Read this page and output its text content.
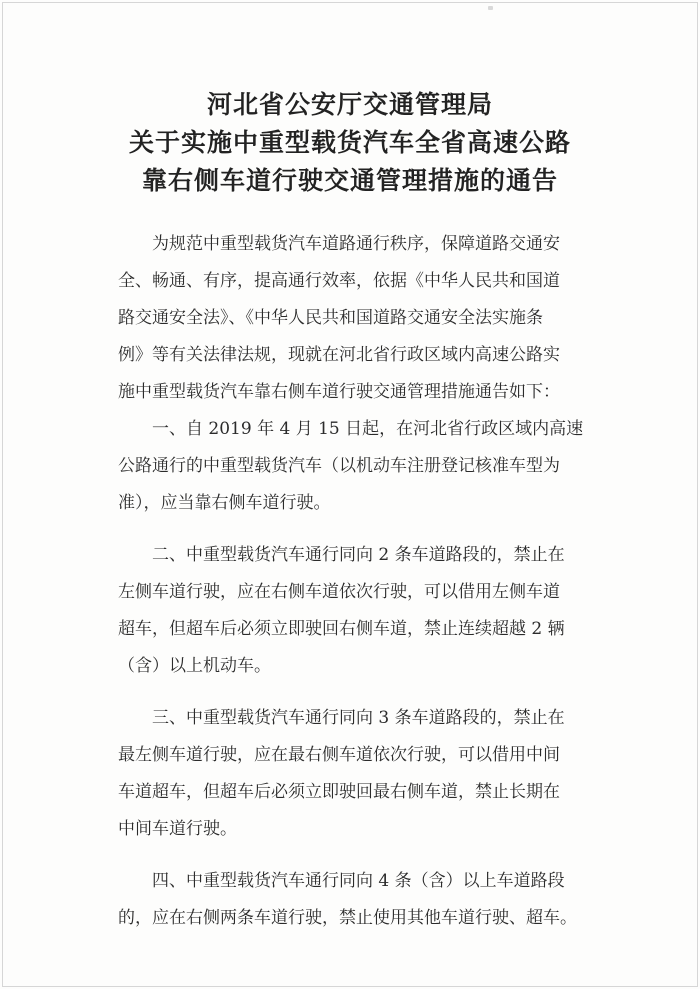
河北省公安厅交通管理局
关于实施中重型载货汽车全省高速公路
靠右侧车道行驶交通管理措施的通告
为规范中重型载货汽车道路通行秩序，保障道路交通安
全、畅通、有序，提高通行效率，依据《中华人民共和国道
路交通安全法》、《中华人民共和国道路交通安全法实施条
例》等有关法律法规，现就在河北省行政区域内高速公路实
施中重型载货汽车靠右侧车道行驶交通管理措施通告如下：
一、自 2019 年 4 月 15 日起，在河北省行政区域内高速
公路通行的中重型载货汽车（以机动车注册登记核准车型为
准），应当靠右侧车道行驶。
二、中重型载货汽车通行同向 2 条车道路段的，禁止在
左侧车道行驶，应在右侧车道依次行驶，可以借用左侧车道
超车，但超车后必须立即驶回右侧车道，禁止连续超越 2 辆
（含）以上机动车。
三、中重型载货汽车通行同向 3 条车道路段的，禁止在
最左侧车道行驶，应在最右侧车道依次行驶，可以借用中间
车道超车，但超车后必须立即驶回最右侧车道，禁止长期在
中间车道行驶。
四、中重型载货汽车通行同向 4 条（含）以上车道路段
的，应在右侧两条车道行驶，禁止使用其他车道行驶、超车。
